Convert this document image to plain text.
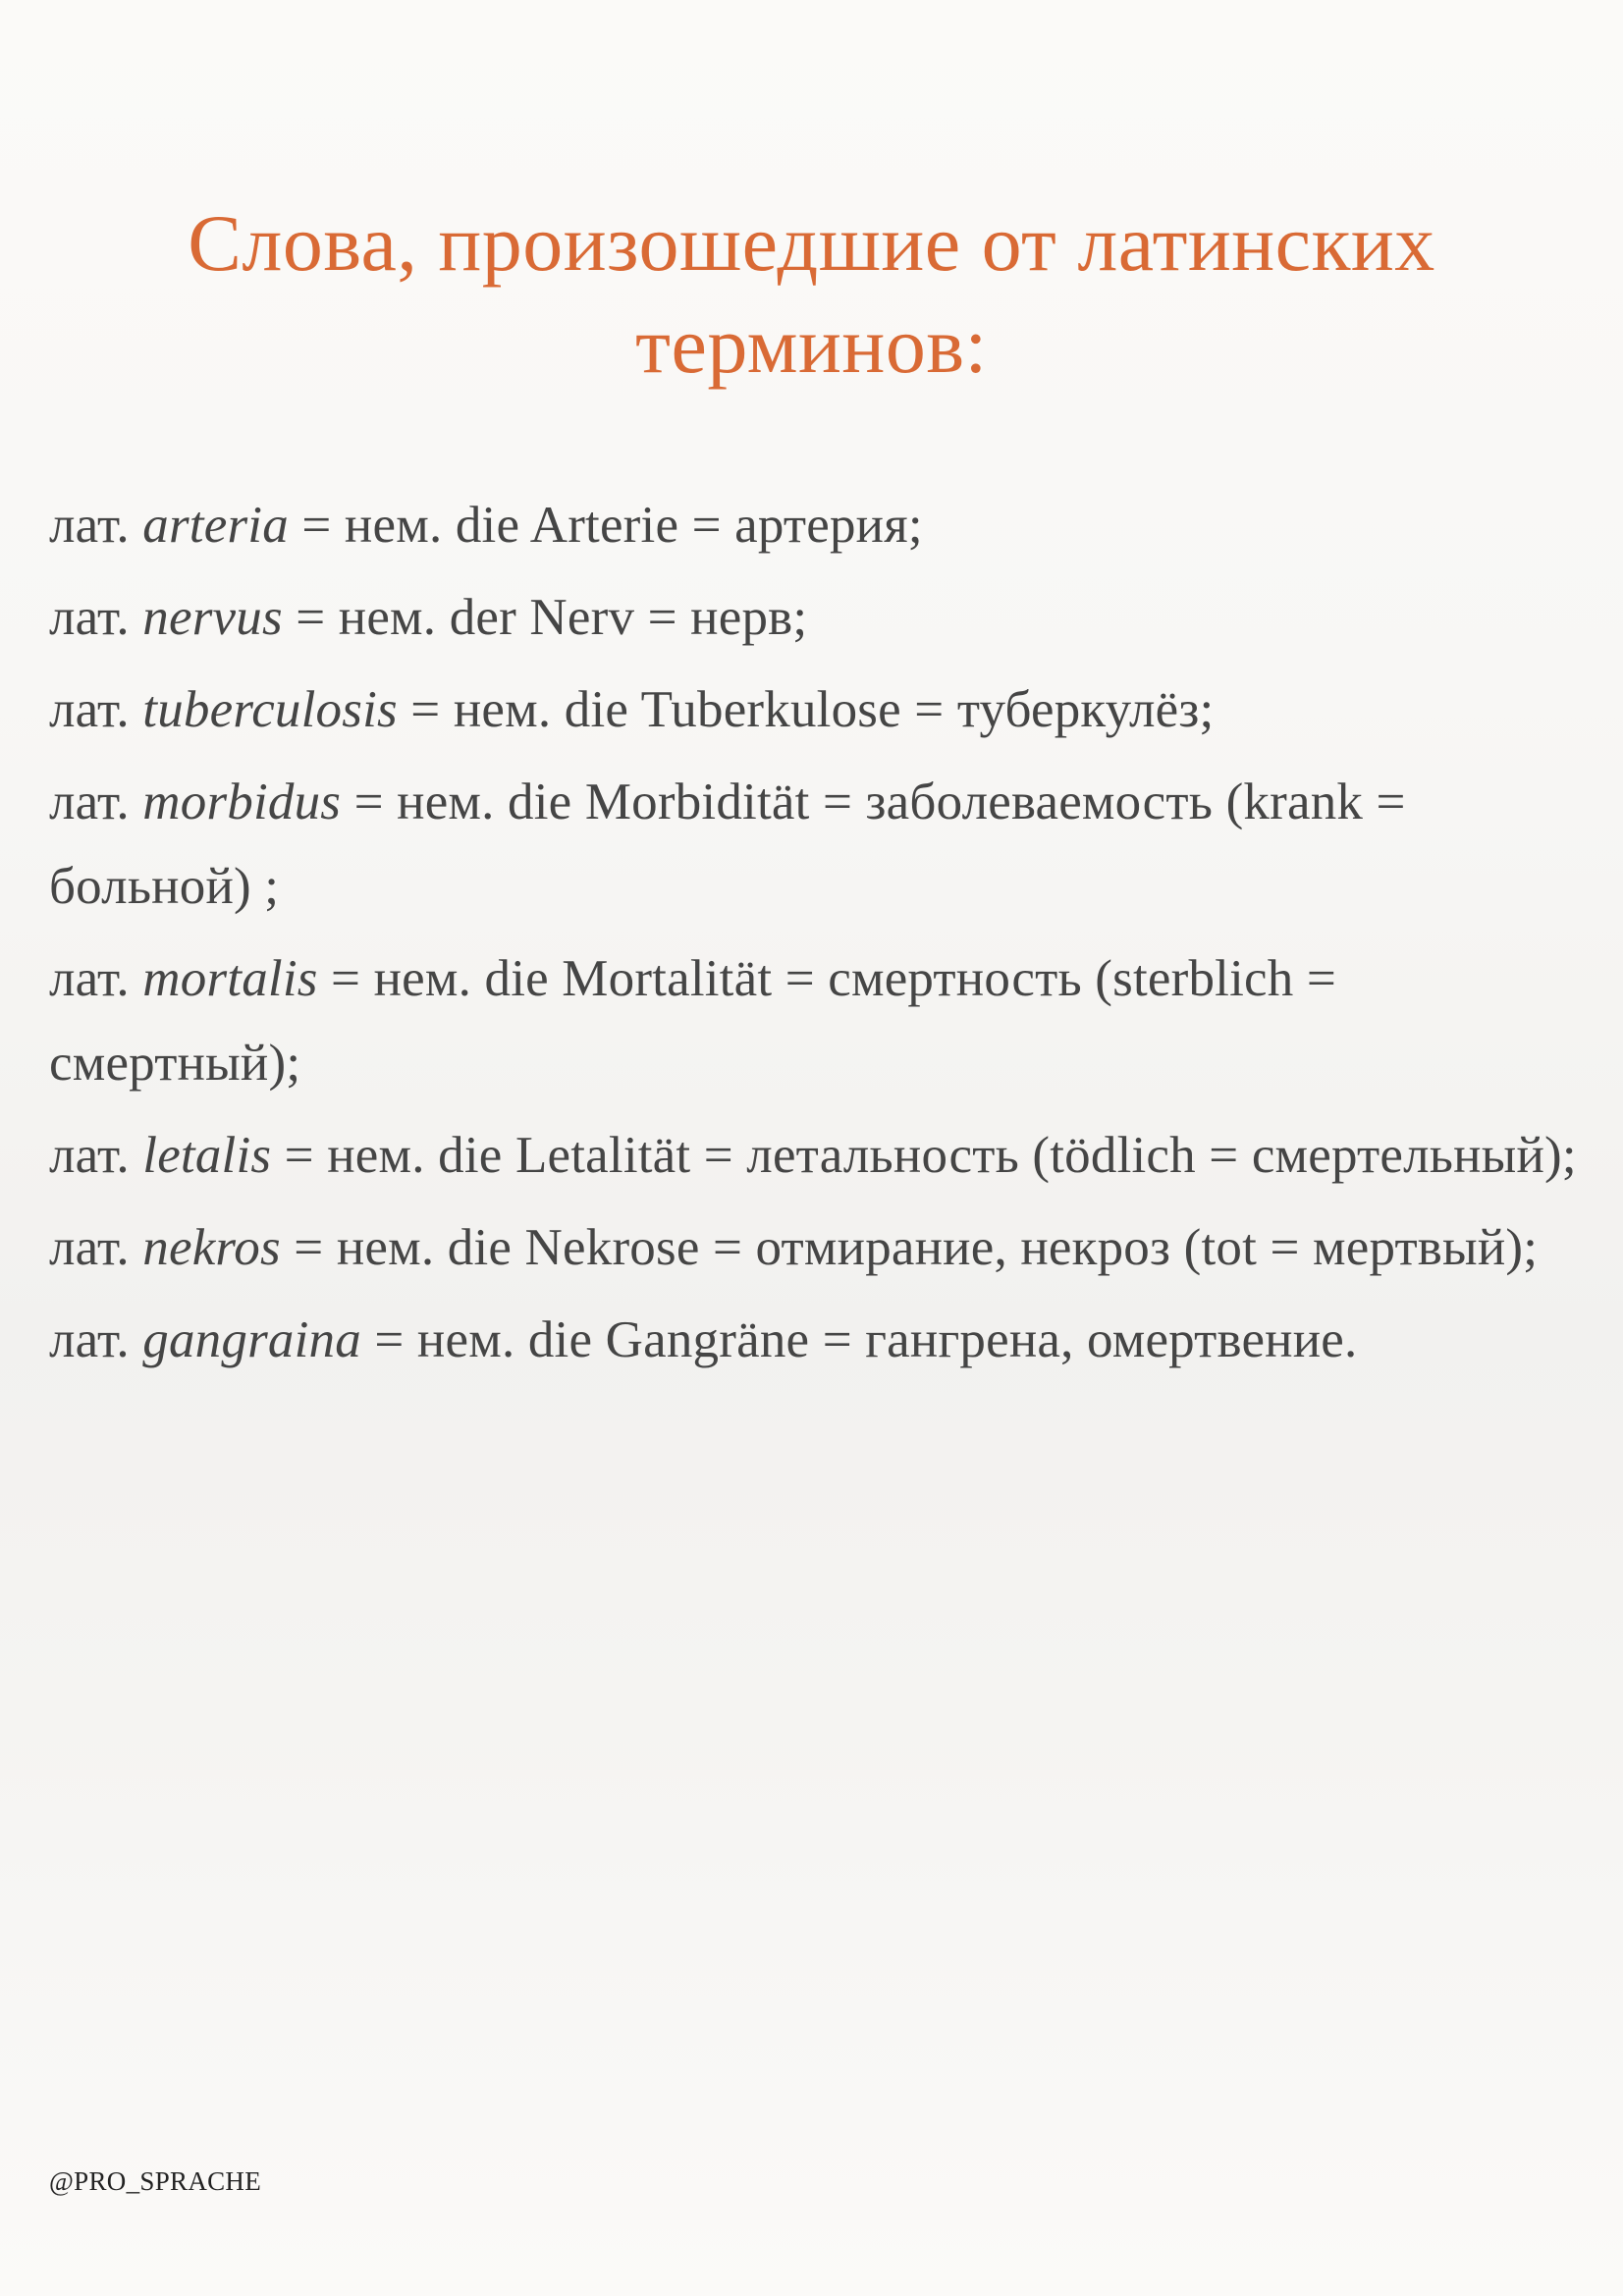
Слова, произошедшие от латинских терминов:
лат. arteria = нем. die Arterie = артерия;
лат. nervus = нем. der Nerv = нерв;
лат. tuberculosis = нем. die Tuberkulose = туберкулёз;
лат. morbidus = нем. die Morbidität = заболеваемость (krank = больной) ;
лат. mortalis = нем. die Mortalität = смертность (sterblich = смертный);
лат. letalis = нем. die Letalität = летальность (tödlich = смертельный);
лат. nekros = нем. die Nekrose = отмирание, некроз (tot = мертвый);
лат. gangraina = нем. die Gangräne = гангрена, омертвение.
@PRO_SPRACHE
